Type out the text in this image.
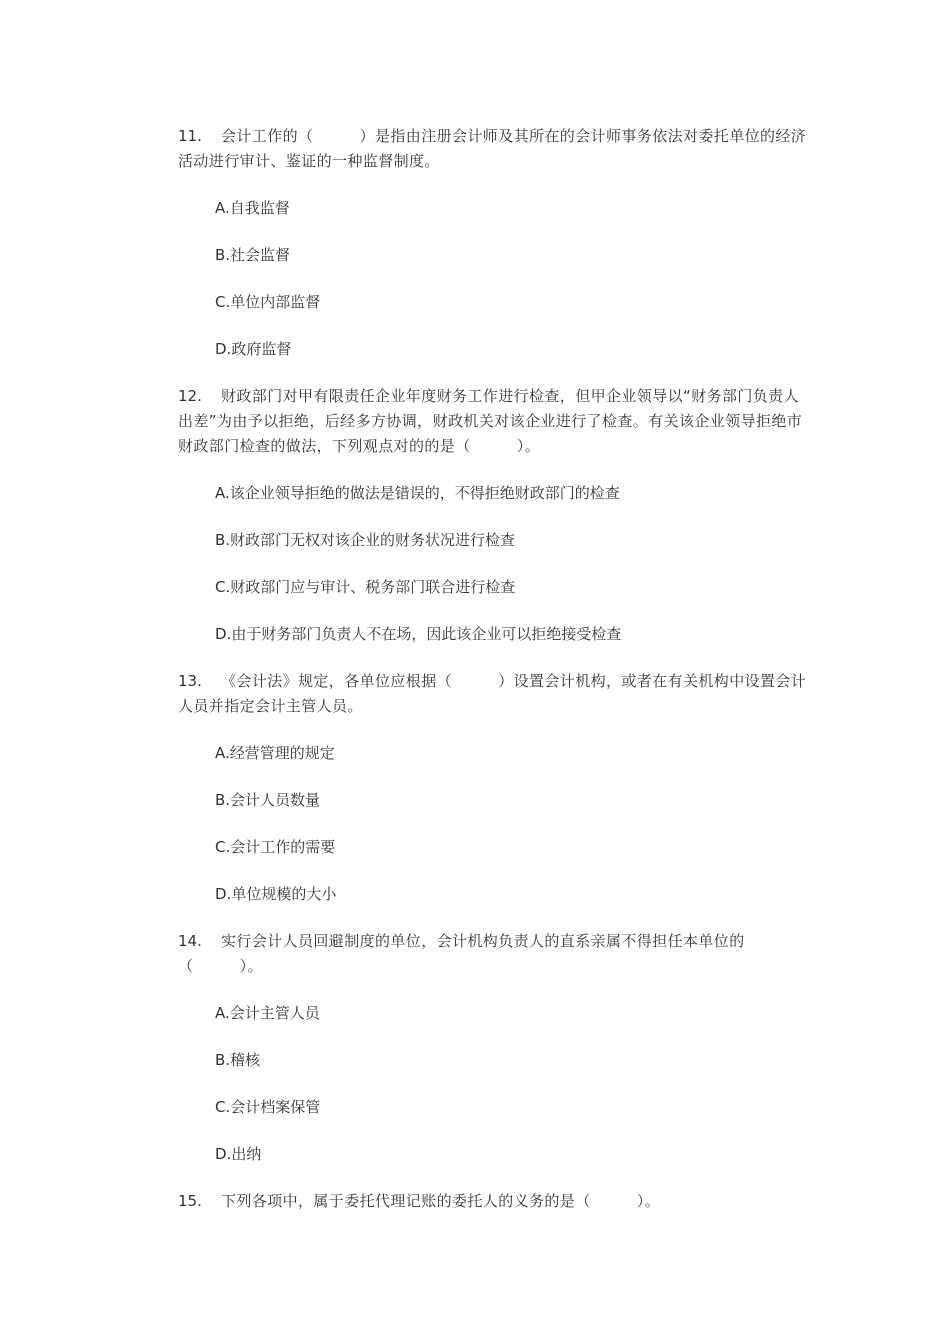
11.	会计工作的（　　　）是指由注册会计师及其所在的会计师事务依法对委托单位的经济活动进行审计、鉴证的一种监督制度。

A.自我监督

B.社会监督

C.单位内部监督

D.政府监督

12.	财政部门对甲有限责任企业年度财务工作进行检查，但甲企业领导以“财务部门负责人出差”为由予以拒绝，后经多方协调，财政机关对该企业进行了检查。有关该企业领导拒绝市财政部门检查的做法，下列观点对的的是（　　　）。

A.该企业领导拒绝的做法是错误的，不得拒绝财政部门的检查

B.财政部门无权对该企业的财务状况进行检查

C.财政部门应与审计、税务部门联合进行检查

D.由于财务部门负责人不在场，因此该企业可以拒绝接受检查

13.	《会计法》规定，各单位应根据（　　　）设置会计机构，或者在有关机构中设置会计人员并指定会计主管人员。

A.经营管理的规定

B.会计人员数量

C.会计工作的需要

D.单位规模的大小

14.	实行会计人员回避制度的单位，会计机构负责人的直系亲属不得担任本单位的（　　　）。

A.会计主管人员

B.稽核

C.会计档案保管

D.出纳

15.	下列各项中，属于委托代理记账的委托人的义务的是（　　　）。
